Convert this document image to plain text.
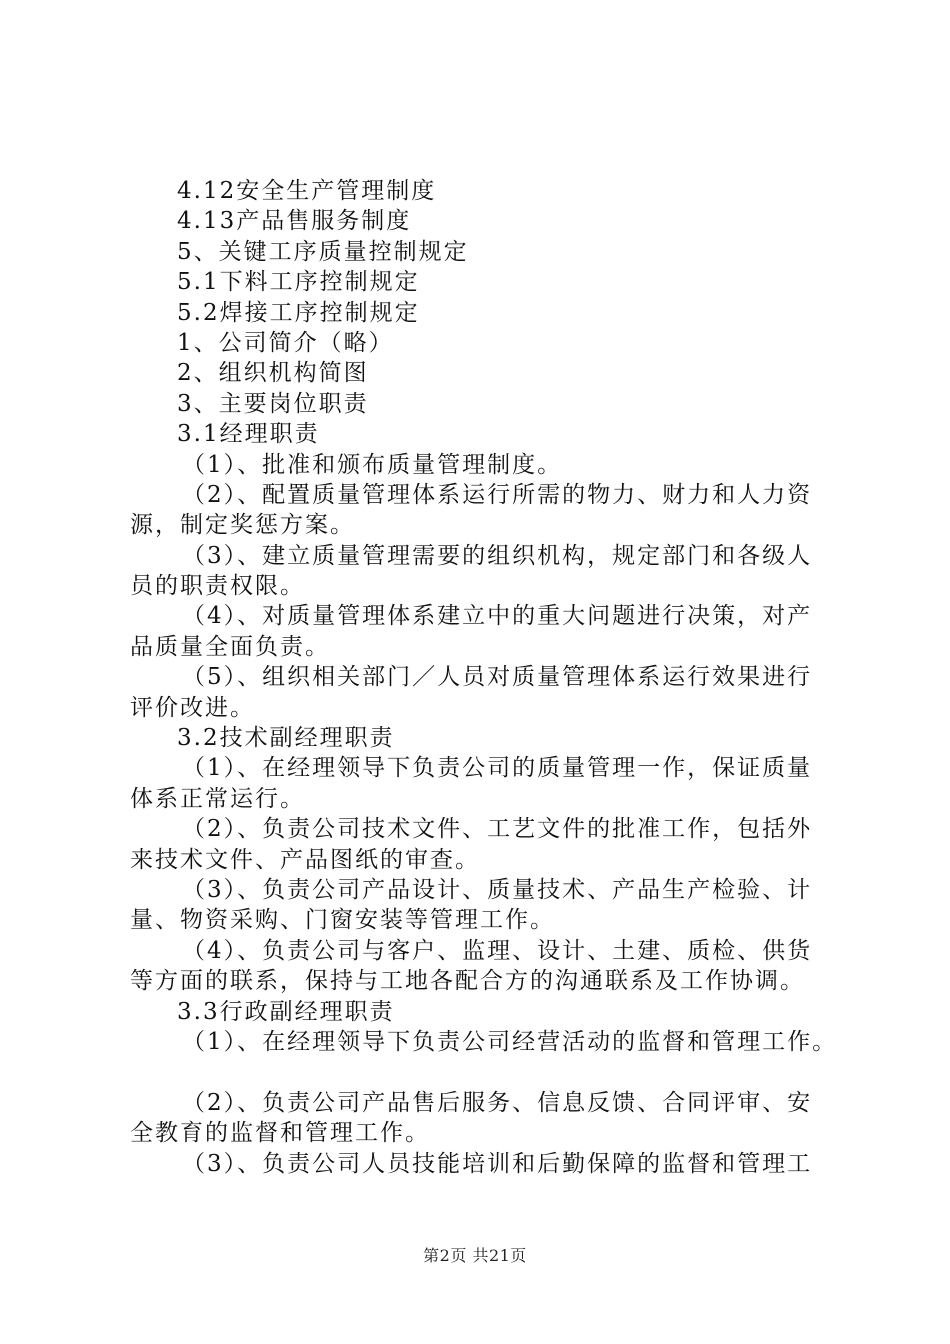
4.12安全生产管理制度
4.13产品售服务制度
5、关键工序质量控制规定
5.1下料工序控制规定
5.2焊接工序控制规定
1、公司简介（略）
2、组织机构简图
3、主要岗位职责
3.1经理职责
（1）、批准和颁布质量管理制度。
（2）、配置质量管理体系运行所需的物力、财力和人力资
源，制定奖惩方案。
（3）、建立质量管理需要的组织机构，规定部门和各级人
员的职责权限。
（4）、对质量管理体系建立中的重大问题进行决策，对产
品质量全面负责。
（5）、组织相关部门／人员对质量管理体系运行效果进行
评价改进。
3.2技术副经理职责
（1）、在经理领导下负责公司的质量管理一作，保证质量
体系正常运行。
（2）、负责公司技术文件、工艺文件的批准工作，包括外
来技术文件、产品图纸的审查。
（3）、负责公司产品设计、质量技术、产品生产检验、计
量、物资采购、门窗安装等管理工作。
（4）、负责公司与客户、监理、设计、土建、质检、供货
等方面的联系，保持与工地各配合方的沟通联系及工作协调。
3.3行政副经理职责
（1）、在经理领导下负责公司经营活动的监督和管理工作。
（2）、负责公司产品售后服务、信息反馈、合同评审、安
全教育的监督和管理工作。
（3）、负责公司人员技能培训和后勤保障的监督和管理工
第2页 共21页
